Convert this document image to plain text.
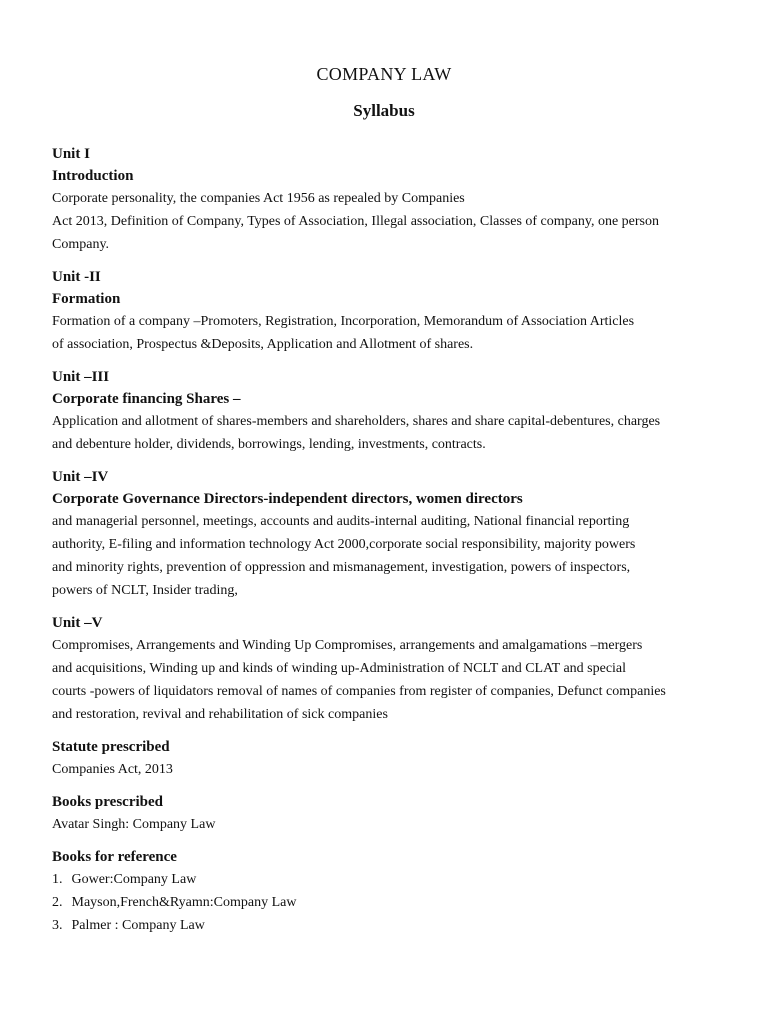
COMPANY LAW
Syllabus

Unit I

Introduction

Corporate personality, the companies Act 1956 as repealed by Companies

Act 2013, Definition of Company, Types of Association, Illegal association, Classes of company, one person

Company.

Unit -II

Formation

Formation of a company –Promoters, Registration, Incorporation, Memorandum of Association Articles

of association, Prospectus &Deposits, Application and Allotment of shares.

Unit –III

Corporate financing Shares –

Application and allotment of shares-members and shareholders, shares and share capital-debentures, charges

and debenture holder, dividends, borrowings, lending, investments, contracts.

Unit –IV

Corporate Governance Directors-independent directors, women directors

and managerial personnel, meetings, accounts and audits-internal auditing, National financial reporting

authority, E-filing and information technology Act 2000,corporate social responsibility, majority powers

and minority rights, prevention of oppression and mismanagement, investigation, powers of inspectors,

powers of NCLT, Insider trading,

Unit –V

Compromises, Arrangements and Winding Up Compromises, arrangements and amalgamations –mergers

and acquisitions, Winding up and kinds of winding up-Administration of NCLT and CLAT and special

courts -powers of liquidators removal of names of companies from register of companies, Defunct companies

and restoration, revival and rehabilitation of sick companies

Statute prescribed

Companies Act, 2013

Books prescribed

Avatar Singh: Company Law

Books for reference

1. Gower:Company Law
2. Mayson,French&Ryamn:Company Law
3. Palmer : Company Law
